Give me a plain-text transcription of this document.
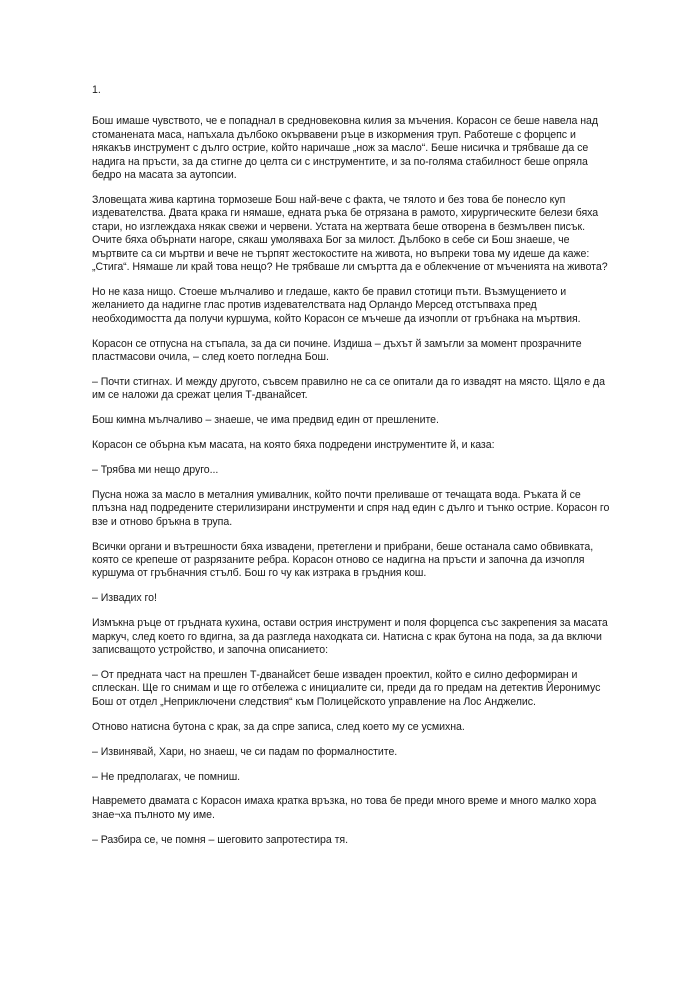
1.

Бош имаше чувството, че е попаднал в средновековна килия за мъчения. Корасон се беше навела над стоманената маса, напъхала дълбоко окървавени ръце в изкормения труп. Работеше с форцепс и някакъв инструмент с дълго острие, който наричаше „нож за масло“. Беше нисичка и трябваше да се надига на пръсти, за да стигне до целта си с инструментите, и за по-голяма стабилност беше опряла бедро на масата за аутопсии.

Зловещата жива картина тормозеше Бош най-вече с факта, че тялото и без това бе понесло куп издевателства. Двата крака ги нямаше, едната ръка бе отрязана в рамото, хирургическите белези бяха стари, но изглеждаха някак свежи и червени. Устата на жертвата беше отворена в безмълвен писък. Очите бяха обърнати нагоре, сякаш умоляваха Бог за милост. Дълбоко в себе си Бош знаеше, че мъртвите са си мъртви и вече не търпят жестокостите на живота, но въпреки това му идеше да каже: „Стига“. Нямаше ли край това нещо? Не трябваше ли смъртта да е облекчение от мъченията на живота?

Но не каза нищо. Стоеше мълчаливо и гледаше, както бе правил стотици пъти. Възмущението и желанието да надигне глас против издевателствата над Орландо Мерсед отстъпваха пред необходимостта да получи куршума, който Корасон се мъчеше да изчопли от гръбнака на мъртвия.

Корасон се отпусна на стъпала, за да си почине. Издиша – дъхът й замъгли за момент прозрачните пластмасови очила, – след което погледна Бош.

– Почти стигнах. И между другото, съвсем правилно не са се опитали да го извадят на място. Щяло е да им се наложи да срежат целия Т-дванайсет.

Бош кимна мълчаливо – знаеше, че има предвид един от прешлените.

Корасон се обърна към масата, на която бяха подредени инструментите й, и каза:

– Трябва ми нещо друго...

Пусна ножа за масло в металния умивалник, който почти преливаше от течащата вода. Ръката й се плъзна над подредените стерилизирани инструменти и спря над един с дълго и тънко острие. Корасон го взе и отново бръкна в трупа.

Всички органи и вътрешности бяха извадени, претеглени и прибрани, беше останала само обвивката, която се крепеше от разрязаните ребра. Корасон отново се надигна на пръсти и започна да изчопля куршума от гръбначния стълб. Бош го чу как изтрака в гръдния кош.

– Извадих го!

Измъкна ръце от гръдната кухина, остави острия инструмент и поля форцепса със закрепения за масата маркуч, след което го вдигна, за да разгледа находката си. Натисна с крак бутона на пода, за да включи записващото устройство, и започна описанието:

– От предната част на прешлен Т-дванайсет беше изваден проектил, който е силно деформиран и сплескан. Ще го снимам и ще го отбележа с инициалите си, преди да го предам на детектив Йеронимус Бош от отдел „Неприключени следствия“ към Полицейското управление на Лос Анджелис.

Отново натисна бутона с крак, за да спре записа, след което му се усмихна.

– Извинявай, Хари, но знаеш, че си падам по формалностите.

– Не предполагах, че помниш.

Навремето двамата с Корасон имаха кратка връзка, но това бе преди много време и много малко хора знае¬ха пълното му име.

– Разбира се, че помня – шеговито запротестира тя.
